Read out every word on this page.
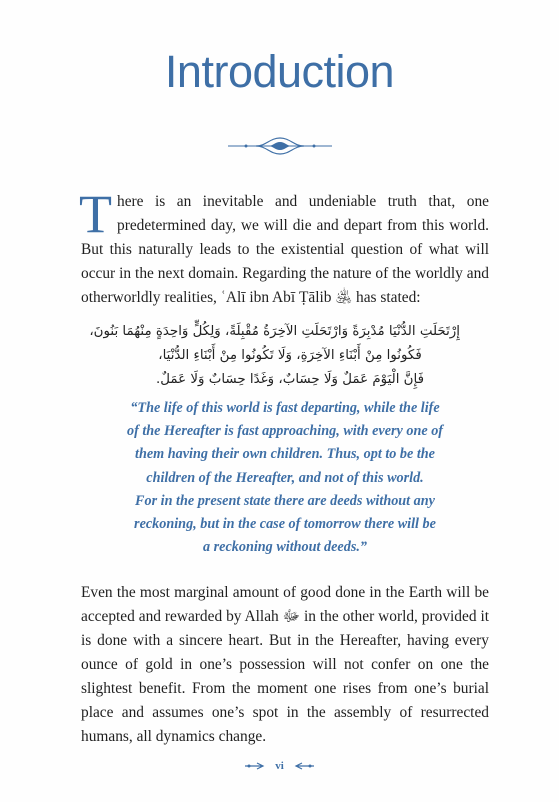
Introduction
There is an inevitable and undeniable truth that, one predetermined day, we will die and depart from this world. But this naturally leads to the existential question of what will occur in the next domain. Regarding the nature of the worldly and otherworldly realities, ʿAlī ibn Abī Ṭālib ﵁ has stated:
إِرْتَحَلَتِ الدُّنْيَا مُدْبِرَةً وَارْتَحَلَتِ الآخِرَةُ مُقْبِلَةً، وَلِكُلٍّ وَاحِدَةٍ مِنْهُمَا بَنُونَ،
فَكُونُوا مِنْ أَبْنَاءِ الآخِرَةِ، وَلَا تَكُونُوا مِنْ أَبْنَاءِ الدُّنْيَا،
فَإِنَّ الْيَوْمَ عَمَلٌ وَلَا حِسَابٌ، وَغَدًا حِسَابٌ وَلَا عَمَلٌ.
“The life of this world is fast departing, while the life
of the Hereafter is fast approaching, with every one of
them having their own children. Thus, opt to be the
children of the Hereafter, and not of this world.
For in the present state there are deeds without any
reckoning, but in the case of tomorrow there will be
a reckoning without deeds.”
Even the most marginal amount of good done in the Earth will be accepted and rewarded by Allah ﷻ in the other world, provided it is done with a sincere heart. But in the Hereafter, having every ounce of gold in one’s possession will not confer on one the slightest benefit. From the moment one rises from one’s burial place and assumes one’s spot in the assembly of resurrected humans, all dynamics change.
vi
